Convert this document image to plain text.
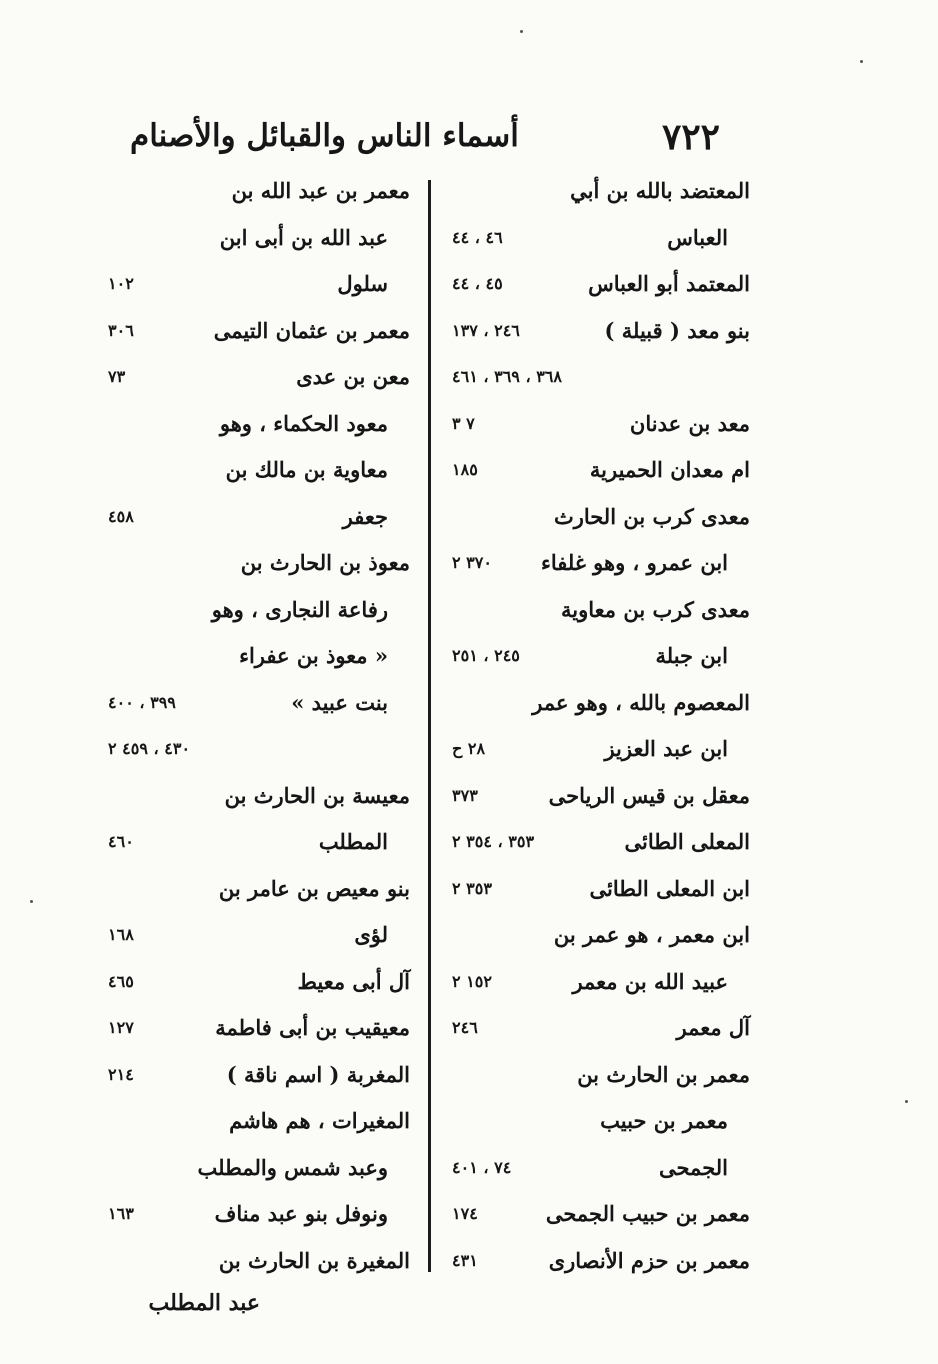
٧٢٢
أسماء الناس والقبائل والأصنام
المعتضد بالله بن أبي
العباس
٤٦ ، ٤٤
المعتمد أبو العباس
٤٥ ، ٤٤
بنو معد ( قبيلة )
٢٤٦ ، ١٣٧
٣٦٨ ، ٣٦٩ ، ٤٦١
معد بن عدنان
٧ ٣
ام معدان الحميرية
١٨٥
معدى كرب بن الحارث
ابن عمرو ، وهو غلفاء
٣٧٠ ٢
معدى كرب بن معاوية
ابن جبلة
٢٤٥ ، ٢٥١
المعصوم بالله ، وهو عمر
ابن عبد العزيز
٢٨ ح
معقل بن قيس الرياحى
٣٧٣
المعلى الطائى
٣٥٣ ، ٣٥٤ ٢
ابن المعلى الطائى
٣٥٣ ٢
ابن معمر ، هو عمر بن
عبيد الله بن معمر
١٥٢ ٢
آل معمر
٢٤٦
معمر بن الحارث بن
معمر بن حبيب
الجمحى
٧٤ ، ٤٠١
معمر بن حبيب الجمحى
١٧٤
معمر بن حزم الأنصارى
٤٣١
معمر بن عبد الله بن
عبد الله بن أبى ابن
سلول
١٠٢
معمر بن عثمان التيمى
٣٠٦
معن بن عدى
٧٣
معود الحكماء ، وهو
معاوية بن مالك بن
جعفر
٤٥٨
معوذ بن الحارث بن
رفاعة النجارى ، وهو
« معوذ بن عفراء
بنت عبيد »
٣٩٩ ، ٤٠٠
٤٣٠ ، ٤٥٩ ٢
معيسة بن الحارث بن
المطلب
٤٦٠
بنو معيص بن عامر بن
لؤى
١٦٨
آل أبى معيط
٤٦٥
معيقيب بن أبى فاطمة
١٢٧
المغربة ( اسم ناقة )
٢١٤
المغيرات ، هم هاشم
وعبد شمس والمطلب
ونوفل بنو عبد مناف
١٦٣
المغيرة بن الحارث بن
عبد المطلب
